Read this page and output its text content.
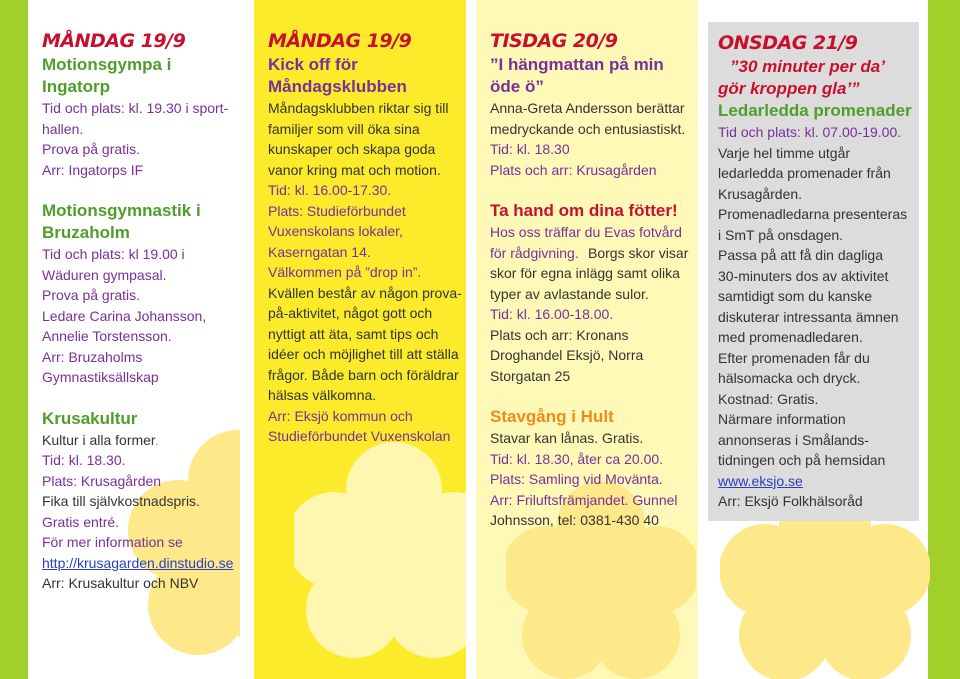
MÅNDAG 19/9
Motionsgympa i
Ingatorp
Tid och plats: kl. 19.30 i sport-
hallen.
Prova på gratis.
Arr: Ingatorps IF
Motionsgymnastik i
Bruzaholm
Tid och plats: kl 19.00 i
Wäduren gympasal.
Prova på gratis.
Ledare Carina Johansson,
Annelie Torstensson.
Arr: Bruzaholms
Gymnastiksällskap
Krusakultur
Kultur i alla former.
Tid: kl. 18.30.
Plats: Krusagården
Fika till självkostnadspris.
Gratis entré.
För mer information se
http://krusagarden.dinstudio.se
Arr: Krusakultur och NBV
MÅNDAG 19/9
Kick off för
Måndagsklubben
Måndagsklubben riktar sig till
familjer som vill öka sina
kunskaper och skapa goda
vanor kring mat och motion.
Tid: kl. 16.00-17.30.
Plats: Studieförbundet
Vuxenskolans lokaler,
Kaserngatan 14.
Välkommen på ”drop in”.
Kvällen består av någon prova-
på-aktivitet, något gott och
nyttigt att äta, samt tips och
idéer och möjlighet till att ställa
frågor. Både barn och föräldrar
hälsas välkomna.
Arr: Eksjö kommun och
Studieförbundet Vuxenskolan
TISDAG 20/9
”I hängmattan på min
öde ö”
Anna-Greta Andersson berättar
medryckande och entusiastiskt.
Tid: kl. 18.30
Plats och arr: Krusagården
Ta hand om dina fötter!
Hos oss träffar du Evas fotvård
för rådgivning. Borgs skor visar
skor för egna inlägg samt olika
typer av avlastande sulor.
Tid: kl. 16.00-18.00.
Plats och arr: Kronans
Droghandel Eksjö, Norra
Storgatan 25
Stavgång i Hult
Stavar kan lånas. Gratis.
Tid: kl. 18.30, åter ca 20.00.
Plats: Samling vid Movänta.
Arr: Friluftsfrämjandet. Gunnel
Johnsson, tel: 0381-430 40
ONSDAG 21/9
”30 minuter per da’
gör kroppen gla’”
Ledarledda promenader
Tid och plats: kl. 07.00-19.00.
Varje hel timme utgår
ledarledda promenader från
Krusagården.
Promenadledarna presenteras
i SmT på onsdagen.
Passa på att få din dagliga
30-minuters dos av aktivitet
samtidigt som du kanske
diskuterar intressanta ämnen
med promenadledaren.
Efter promenaden får du
hälsomacka och dryck.
Kostnad: Gratis.
Närmare information
annonseras i Smålands-
tidningen och på hemsidan
www.eksjo.se
Arr: Eksjö Folkhälsoråd
